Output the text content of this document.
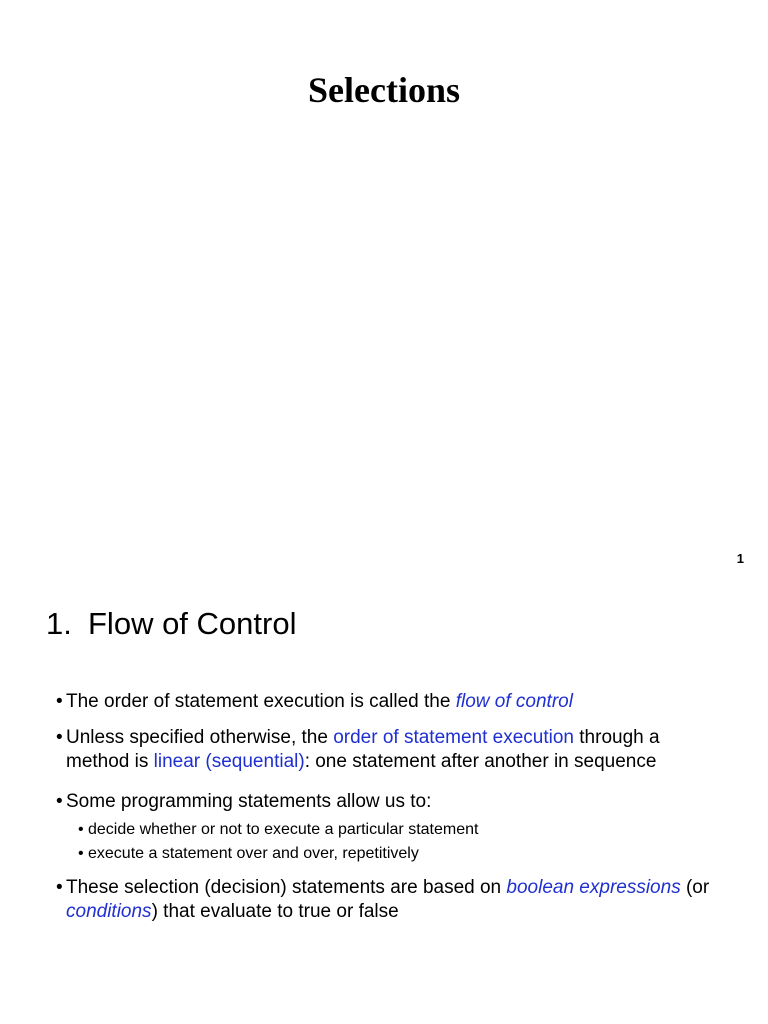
Selections
1
1. Flow of Control
• The order of statement execution is called the flow of control
• Unless specified otherwise, the order of statement execution through a method is linear (sequential): one statement after another in sequence
• Some programming statements allow us to:
• decide whether or not to execute a particular statement
• execute a statement over and over, repetitively
• These selection (decision) statements are based on boolean expressions (or conditions) that evaluate to true or false
